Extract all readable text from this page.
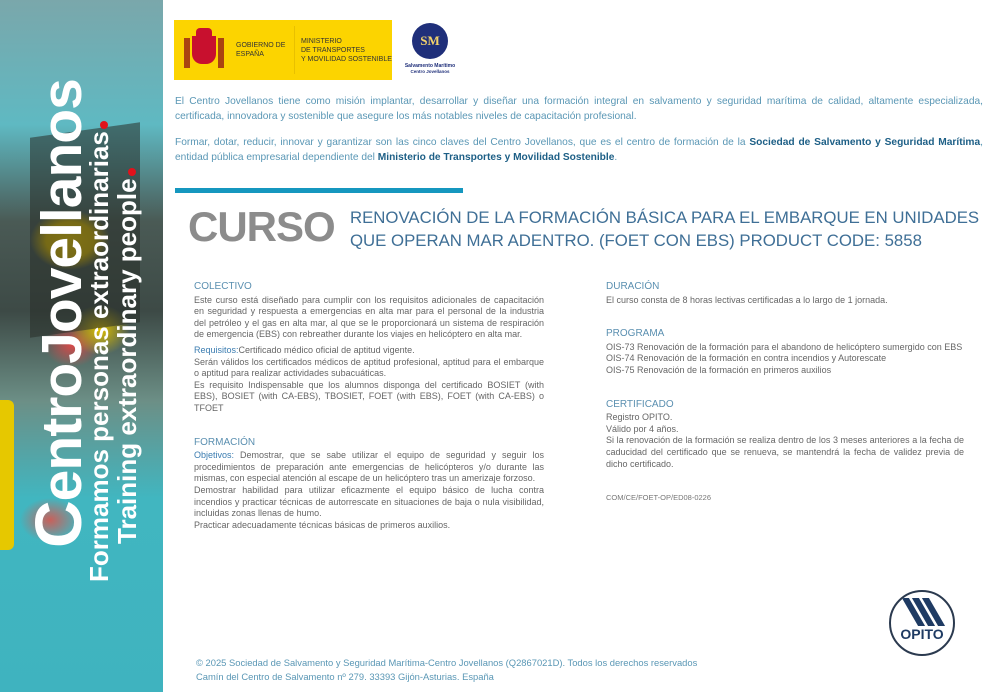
CentroJovellanos
Formamos personas extraordinarias
Training extraordinary people
GOBIERNO DE ESPAÑA
MINISTERIO
DE TRANSPORTES
Y MOVILIDAD SOSTENIBLE
SM
Salvamento Marítimo
Centro Jovellanos

El Centro Jovellanos tiene como misión implantar, desarrollar y diseñar una formación integral en salvamento y seguridad marítima de calidad, altamente especializada, certificada, innovadora y sostenible que asegure los más notables niveles de capacitación profesional.

Formar, dotar, reducir, innovar y garantizar son las cinco claves del Centro Jovellanos, que es el centro de formación de la Sociedad de Salvamento y Seguridad Marítima, entidad pública empresarial dependiente del Ministerio de Transportes y Movilidad Sostenible.

CURSO RENOVACIÓN DE LA FORMACIÓN BÁSICA PARA EL EMBARQUE EN UNIDADES QUE OPERAN MAR ADENTRO. (FOET CON EBS) PRODUCT CODE: 5858
COLECTIVO
Este curso está diseñado para cumplir con los requisitos adicionales de capacitación en seguridad y respuesta a emergencias en alta mar para el personal de la industria del petróleo y el gas en alta mar, al que se le proporcionará un sistema de respiración de emergencia (EBS) con rebreather durante los viajes en helicóptero en alta mar.
Requisitos:Certificado médico oficial de aptitud vigente.
Serán válidos los certificados médicos de aptitud profesional, aptitud para el embarque o aptitud para realizar actividades subacuáticas.
Es requisito Indispensable que los alumnos disponga del certificado BOSIET (with EBS), BOSIET (with CA-EBS), TBOSIET, FOET (with EBS), FOET (with CA-EBS) o TFOET
FORMACIÓN
Objetivos: Demostrar, que se sabe utilizar el equipo de seguridad y seguir los procedimientos de preparación ante emergencias de helicópteros y/o durante las mismas, con especial atención al escape de un helicóptero tras un amerizaje forzoso.
Demostrar habilidad para utilizar eficazmente el equipo básico de lucha contra incendios y practicar técnicas de autorrescate en situaciones de baja o nula visibilidad, incluidas zonas llenas de humo.
Practicar adecuadamente técnicas básicas de primeros auxilios.
DURACIÓN
El curso consta de 8 horas lectivas certificadas a lo largo de 1 jornada.
PROGRAMA
OIS-73 Renovación de la formación para el abandono de helicóptero sumergido con EBS
OIS-74 Renovación de la formación en contra incendios y Autorescate
OIS-75 Renovación de la formación en primeros auxilios
CERTIFICADO
Registro OPITO.
Válido por 4 años.
Si la renovación de la formación se realiza dentro de los 3 meses anteriores a la fecha de caducidad del certificado que se renueva, se mantendrá la fecha de validez previa de dicho certificado.
COM/CE/FOET-OP/ED08-0226
OPITO
© 2025 Sociedad de Salvamento y Seguridad Marítima-Centro Jovellanos (Q2867021D). Todos los derechos reservados
Camín del Centro de Salvamento nº 279. 33393 Gijón-Asturias. España
